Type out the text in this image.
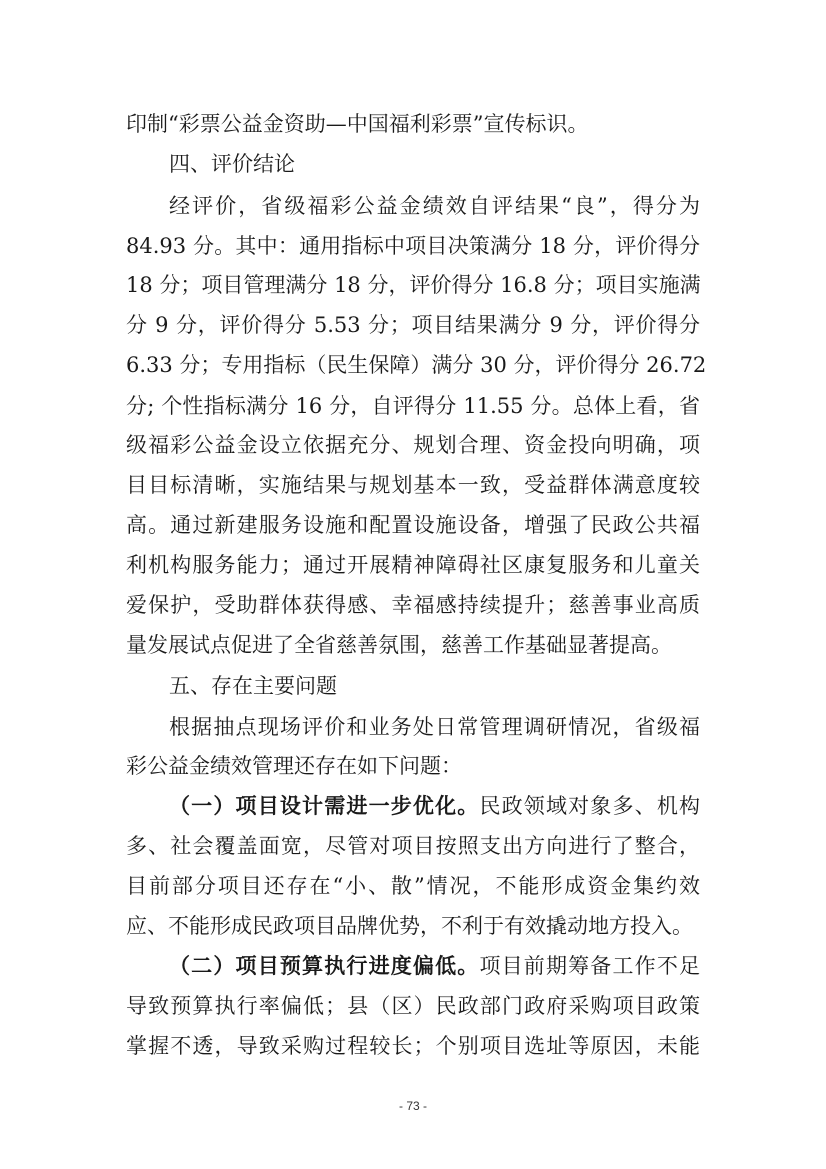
印制“彩票公益金资助—中国福利彩票”宣传标识。
四、评价结论
经评价，省级福彩公益金绩效自评结果“良”，得分为
84.93 分。其中：通用指标中项目决策满分 18 分，评价得分
18 分；项目管理满分 18 分，评价得分 16.8 分；项目实施满
分 9 分，评价得分 5.53 分；项目结果满分 9 分，评价得分
6.33 分；专用指标（民生保障）满分 30 分，评价得分 26.72
分; 个性指标满分 16 分，自评得分 11.55 分。总体上看，省
级福彩公益金设立依据充分、规划合理、资金投向明确，项
目目标清晰，实施结果与规划基本一致，受益群体满意度较
高。通过新建服务设施和配置设施设备，增强了民政公共福
利机构服务能力；通过开展精神障碍社区康复服务和儿童关
爱保护，受助群体获得感、幸福感持续提升；慈善事业高质
量发展试点促进了全省慈善氛围，慈善工作基础显著提高。
五、存在主要问题
根据抽点现场评价和业务处日常管理调研情况，省级福
彩公益金绩效管理还存在如下问题：
（一）项目设计需进一步优化。民政领域对象多、机构
多、社会覆盖面宽，尽管对项目按照支出方向进行了整合，
目前部分项目还存在“小、散”情况，不能形成资金集约效
应、不能形成民政项目品牌优势，不利于有效撬动地方投入。
（二）项目预算执行进度偏低。项目前期筹备工作不足
导致预算执行率偏低；县（区）民政部门政府采购项目政策
掌握不透，导致采购过程较长；个别项目选址等原因，未能
- 73 -
